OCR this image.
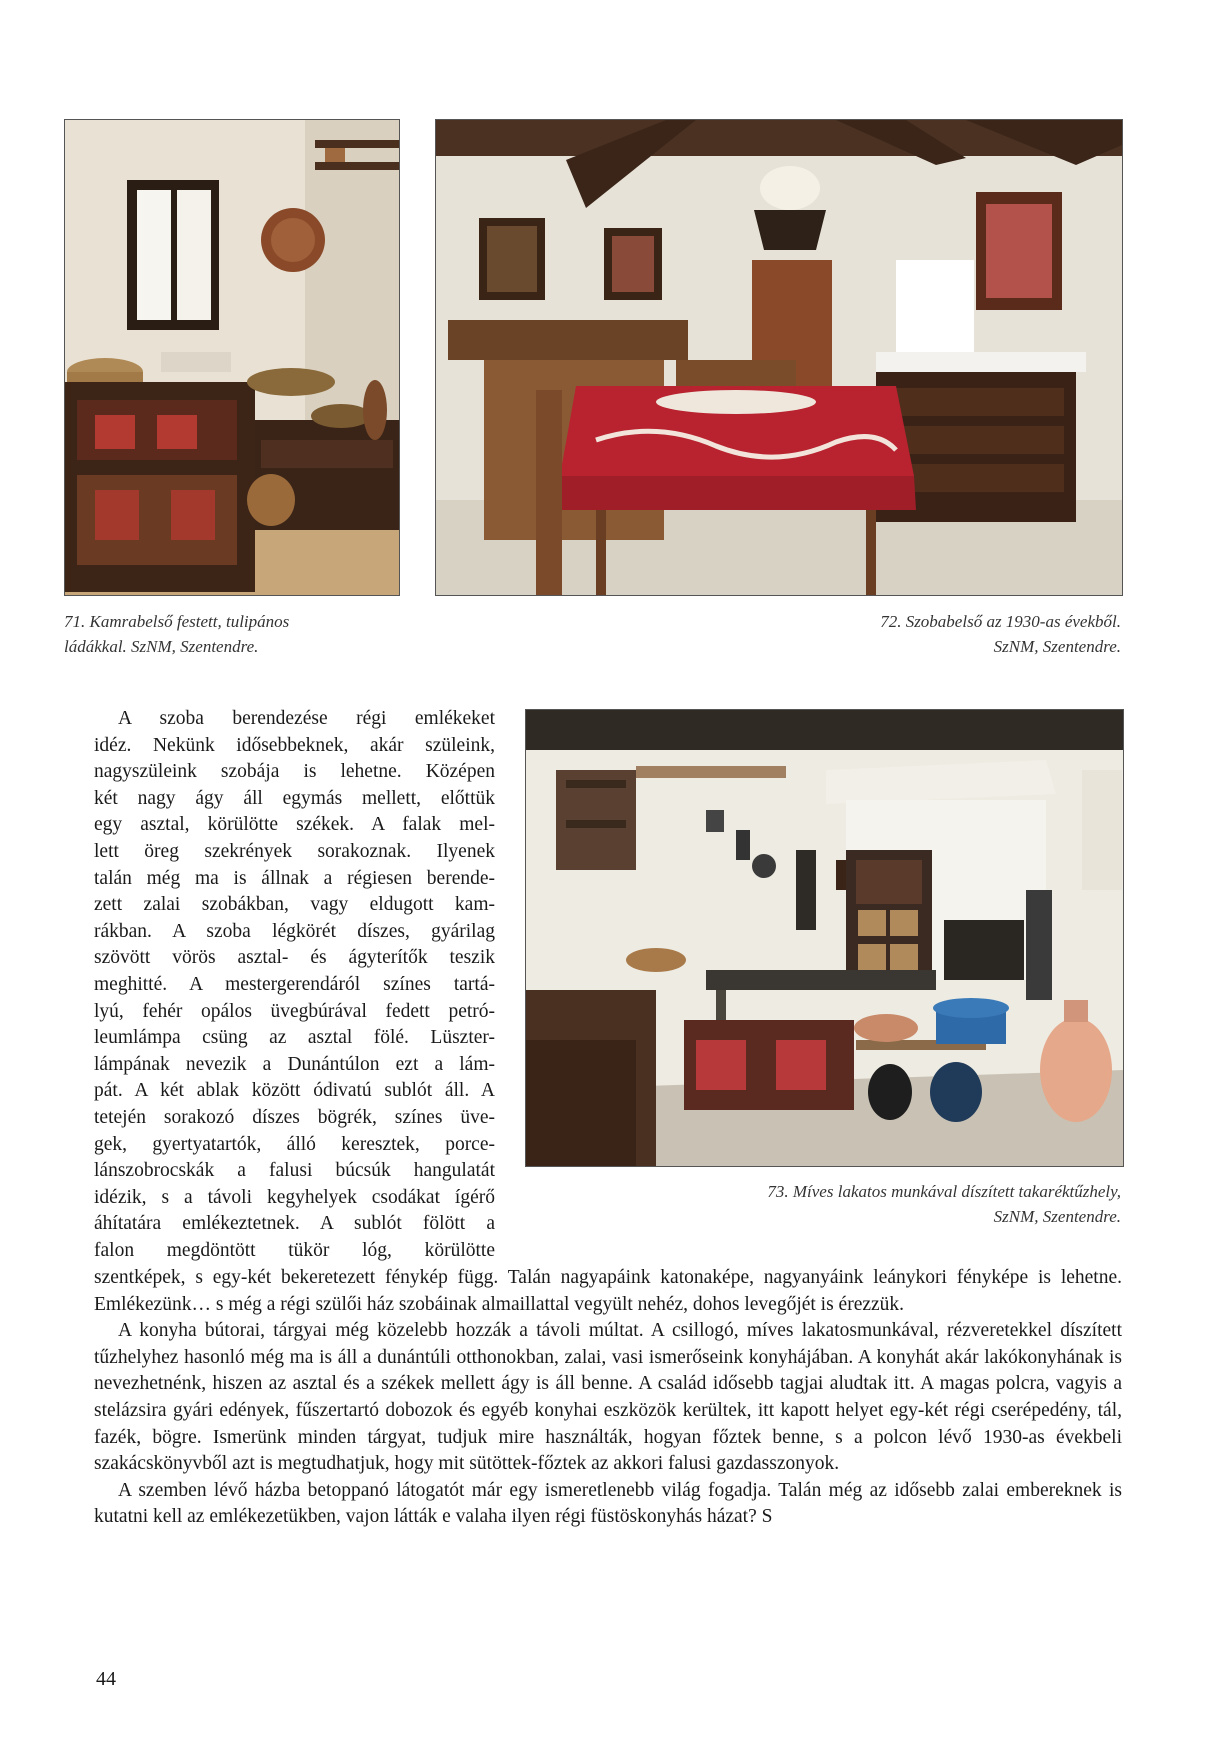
71. Kamrabelső festett, tulipános

ládákkal. SzNM, Szentendre.

72. Szobabelső az 1930-as évekből.

SzNM, Szentendre.

73. Míves lakatos munkával díszített takaréktűzhely,

SzNM, Szentendre.

A szoba berendezése régi emlékeket

idéz. Nekünk idősebbeknek, akár szüleink,

nagyszüleink szobája is lehetne. Középen

két nagy ágy áll egymás mellett, előttük

egy asztal, körülötte székek. A falak mel-

lett öreg szekrények sorakoznak. Ilyenek

talán még ma is állnak a régiesen berende-

zett zalai szobákban, vagy eldugott kam-

rákban. A szoba légkörét díszes, gyárilag

szövött vörös asztal- és ágyterítők teszik

meghitté. A mestergerendáról színes tartá-

lyú, fehér opálos üvegbúrával fedett petró-

leumlámpa csüng az asztal fölé. Lüszter-

lámpának nevezik a Dunántúlon ezt a lám-

pát. A két ablak között ódivatú sublót áll. A

tetején sorakozó díszes bögrék, színes üve-

gek, gyertyatartók, álló keresztek, porce-

lánszobrocskák a falusi búcsúk hangulatát

idézik, s a távoli kegyhelyek csodákat ígérő

áhítatára emlékeztetnek. A sublót fölött a

falon megdöntött tükör lóg, körülötte

szentképek, s egy-két bekeretezett fénykép függ. Talán nagyapáink katonaképe, nagyanyáink leánykori fényképe is lehetne. Emlékezünk… s még a régi szülői ház szobáinak almaillattal vegyült nehéz, dohos levegőjét is érezzük.

A konyha bútorai, tárgyai még közelebb hozzák a távoli múltat. A csillogó, míves lakatosmunkával, rézveretekkel díszített tűzhelyhez hasonló még ma is áll a dunántúli otthonokban, zalai, vasi ismerőseink konyhájában. A konyhát akár lakókonyhának is nevezhetnénk, hiszen az asztal és a székek mellett ágy is áll benne. A család idősebb tagjai aludtak itt. A magas polcra, vagyis a stelázsira gyári edények, fűszertartó dobozok és egyéb konyhai eszközök kerültek, itt kapott helyet egy-két régi cserépedény, tál, fazék, bögre. Ismerünk minden tárgyat, tudjuk mire használták, hogyan főztek benne, s a polcon lévő 1930-as évekbeli szakácskönyvből azt is megtudhatjuk, hogy mit sütöttek-főztek az akkori falusi gazdasszonyok.

A szemben lévő házba betoppanó látogatót már egy ismeretlenebb világ fogadja. Talán még az idősebb zalai embereknek is kutatni kell az emlékezetükben, vajon látták e valaha ilyen régi füstöskonyhás házat? S

44
